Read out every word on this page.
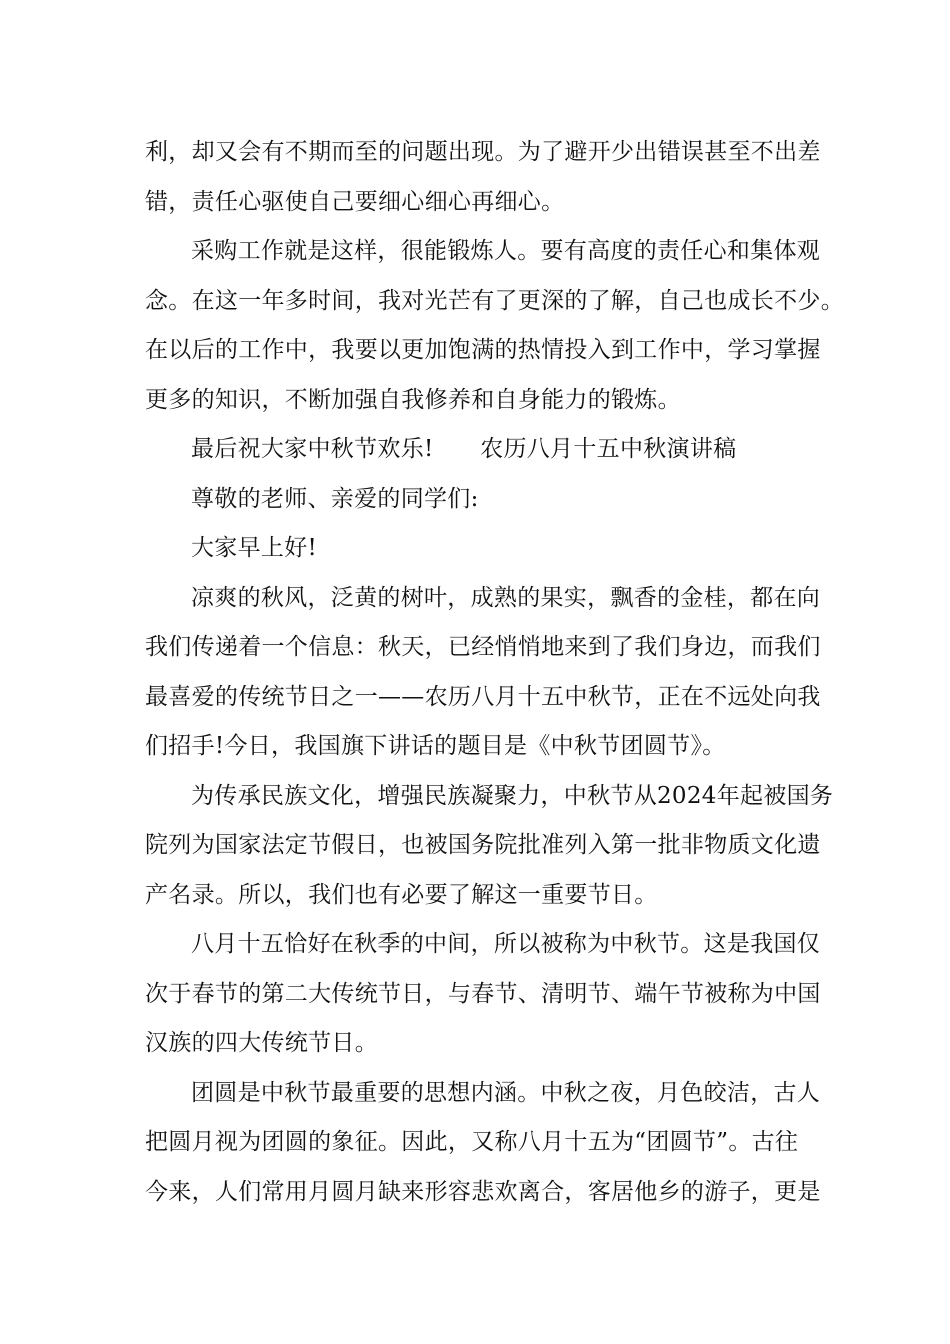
利，却又会有不期而至的问题出现。为了避开少出错误甚至不出差
错，责任心驱使自己要细心细心再细心。
采购工作就是这样，很能锻炼人。要有高度的责任心和集体观
念。在这一年多时间，我对光芒有了更深的了解，自己也成长不少。
在以后的工作中，我要以更加饱满的热情投入到工作中，学习掌握
更多的知识，不断加强自我修养和自身能力的锻炼。
最后祝大家中秋节欢乐!　　农历八月十五中秋演讲稿
尊敬的老师、亲爱的同学们:
大家早上好!
凉爽的秋风，泛黄的树叶，成熟的果实，飘香的金桂，都在向
我们传递着一个信息：秋天，已经悄悄地来到了我们身边，而我们
最喜爱的传统节日之一——农历八月十五中秋节，正在不远处向我
们招手!今日，我国旗下讲话的题目是《中秋节团圆节》。
为传承民族文化，增强民族凝聚力，中秋节从2024年起被国务
院列为国家法定节假日，也被国务院批准列入第一批非物质文化遗
产名录。所以，我们也有必要了解这一重要节日。
八月十五恰好在秋季的中间，所以被称为中秋节。这是我国仅
次于春节的第二大传统节日，与春节、清明节、端午节被称为中国
汉族的四大传统节日。
团圆是中秋节最重要的思想内涵。中秋之夜，月色皎洁，古人
把圆月视为团圆的象征。因此，又称八月十五为“团圆节”。古往
今来，人们常用月圆月缺来形容悲欢离合，客居他乡的游子，更是
